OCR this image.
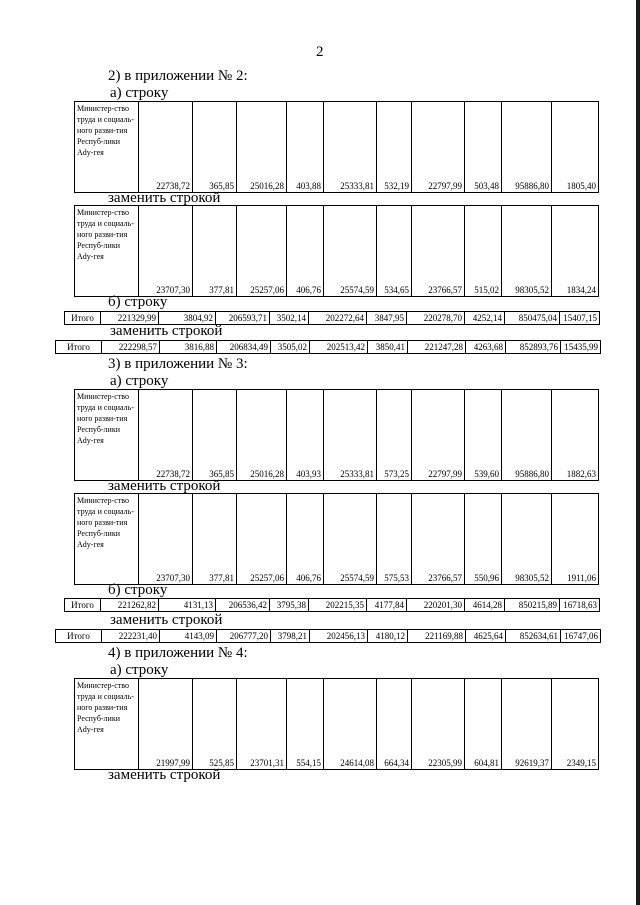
2
2) в приложении № 2:
а) строку
Министер-ство труда и социаль-ного разви-тия Респуб-лики Ady-гея	22738,72	365,85	25016,28	403,88	25333,81	532,19	22797,99	503,48	95886,80	1805,40
заменить строкой
Министер-ство труда и социаль-ного разви-тия Респуб-лики Ady-гея	23707,30	377,81	25257,06	406,76	25574,59	534,65	23766,57	515,02	98305,52	1834,24
б) строку
Итого	221329,99	3804,92	206593,71	3502,14	202272,64	3847,95	220278,70	4252,14	850475,04	15407,15
заменить строкой
Итого	222298,57	3816,88	206834,49	3505,02	202513,42	3850,41	221247,28	4263,68	852893,76	15435,99
3) в приложении № 3:
а) строку
Министер-ство труда и социаль-ного разви-тия Респуб-лики Ady-гея	22738,72	365,85	25016,28	403,93	25333,81	573,25	22797,99	539,60	95886,80	1882,63
заменить строкой
Министер-ство труда и социаль-ного разви-тия Респуб-лики Ady-гея	23707,30	377,81	25257,06	406,76	25574,59	575,53	23766,57	550,96	98305,52	1911,06
б) строку
Итого	221262,82	4131,13	206536,42	3795,38	202215,35	4177,84	220201,30	4614,28	850215,89	16718,63
заменить строкой
Итого	222231,40	4143,09	206777,20	3798,21	202456,13	4180,12	221169,88	4625,64	852634,61	16747,06
4) в приложении № 4:
а) строку
Министер-ство труда и социаль-ного разви-тия Респуб-лики Ady-гея	21997,99	525,85	23701,31	554,15	24614,08	664,34	22305,99	604,81	92619,37	2349,15
заменить строкой
